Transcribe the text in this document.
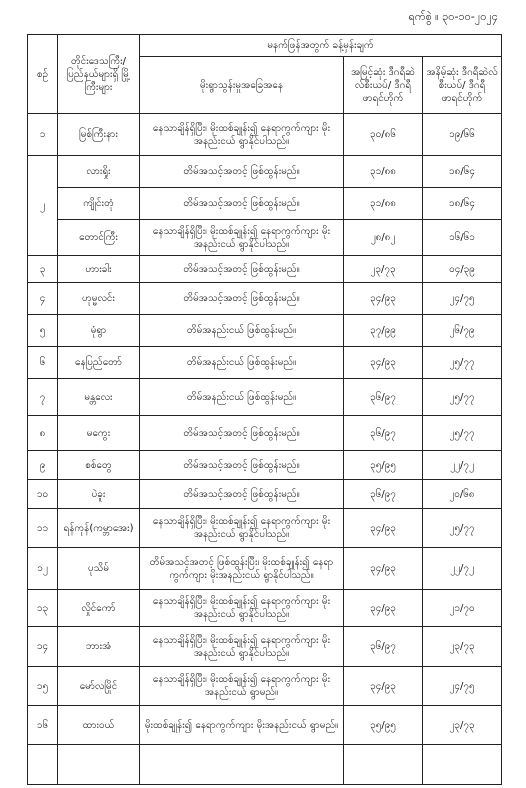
ရက်စွဲ ။ ၃၀-၁၀-၂၀၂၄
စဉ်	တိုင်းဒေသကြီး/ ပြည်နယ်များရှိ မြို့ကြီးများ	မနက်ဖြန်အတွက် ခန့်မှန်းချက်		
		မိုးရွာသွန်းမှုအခြေအနေ	အမြင့်ဆုံး ဒီဂရီဆဲလ်စီးယပ်/ ဒီဂရီဖာရင်ဟိုက်	အနိမ့်ဆုံး ဒီဂရီဆဲလ်စီးယပ်/ ဒီဂရီဖာရင်ဟိုက်

၁	မြစ်ကြီးနား	နေသာချိန်ရှိပြီး၊ မိုးထစ်ချုန်း၍ နေရာကွက်ကျား မိုးအနည်းငယ် ရွာနိုင်ပါသည်။	၃၀/၈၆	၁၉/၆၆
၂	လားရှိုး	တိမ်အသင့်အတင့် ဖြစ်ထွန်းမည်။	၃၁/၈၈	၁၈/၆၄
	ကျိုင်းတုံ	တိမ်အသင့်အတင့် ဖြစ်ထွန်းမည်။	၃၁/၈၈	၁၈/၆၄
	တောင်ကြီး	နေသာချိန်ရှိပြီး၊ မိုးထစ်ချုန်း၍ နေရာကွက်ကျား မိုးအနည်းငယ် ရွာနိုင်ပါသည်။	၂၈/၈၂	၁၆/၆၁
၃	ဟားခါး	တိမ်အသင့်အတင့် ဖြစ်ထွန်းမည်။	၂၃/၇၃	၀၄/၃၉
၄	ဟုမ္မလင်း	တိမ်အသင့်အတင့် ဖြစ်ထွန်းမည်။	၃၄/၉၃	၂၄/၇၅
၅	မုံရွာ	တိမ်အနည်းငယ် ဖြစ်ထွန်းမည်။	၃၇/၉၉	၂၆/၇၉
၆	နေပြည်တော်	တိမ်အနည်းငယ် ဖြစ်ထွန်းမည်။	၃၄/၉၃	၂၅/၇၇
၇	မန္တလေး	တိမ်အနည်းငယ် ဖြစ်ထွန်းမည်။	၃၆/၉၇	၂၅/၇၇
၈	မကွေး	တိမ်အသင့်အတင့် ဖြစ်ထွန်းမည်။	၃၆/၉၇	၂၅/၇၇
၉	စစ်တွေ	တိမ်အသင့်အတင့် ဖြစ်ထွန်းမည်။	၃၅/၉၅	၂၂/၇၂
၁၀	ပဲခူး	တိမ်အသင့်အတင့် ဖြစ်ထွန်းမည်။	၃၆/၉၇	၂၀/၆၈
၁၁	ရန်ကုန်(ကမ္ဘာအေး)	နေသာချိန်ရှိပြီး၊ မိုးထစ်ချုန်း၍ နေရာကွက်ကျား မိုးအနည်းငယ် ရွာနိုင်ပါသည်။	၃၄/၉၃	၂၅/၇၇
၁၂	ပုသိမ်	တိမ်အသင့်အတင့် ဖြစ်ထွန်းပြီး၊ မိုးထစ်ချုန်း၍ နေရာကွက်ကျား မိုးအနည်းငယ် ရွာနိုင်ပါသည်။	၃၄/၉၃	၂၂/၇၂
၁၃	လှိုင်ကော်	နေသာချိန်ရှိပြီး၊ မိုးထစ်ချုန်း၍ နေရာကွက်ကျား မိုးအနည်းငယ် ရွာနိုင်ပါသည်။	၃၄/၉၃	၂၁/၇၀
၁၄	ဘားအံ	နေသာချိန်ရှိပြီး၊ မိုးထစ်ချုန်း၍ နေရာကွက်ကျား မိုးအနည်းငယ် ရွာနိုင်ပါသည်။	၃၆/၉၇	၂၃/၇၃
၁၅	မော်လမြိုင်	နေသာချိန်ရှိပြီး၊ မိုးထစ်ချုန်း၍ နေရာကွက်ကျား မိုးအနည်းငယ် ရွာမည်။	၃၄/၉၃	၂၄/၇၅
၁၆	ထားဝယ်	မိုးထစ်ချုန်း၍ နေရာကွက်ကျား မိုးအနည်းငယ် ရွာမည်။	၃၅/၉၅	၂၃/၇၃
